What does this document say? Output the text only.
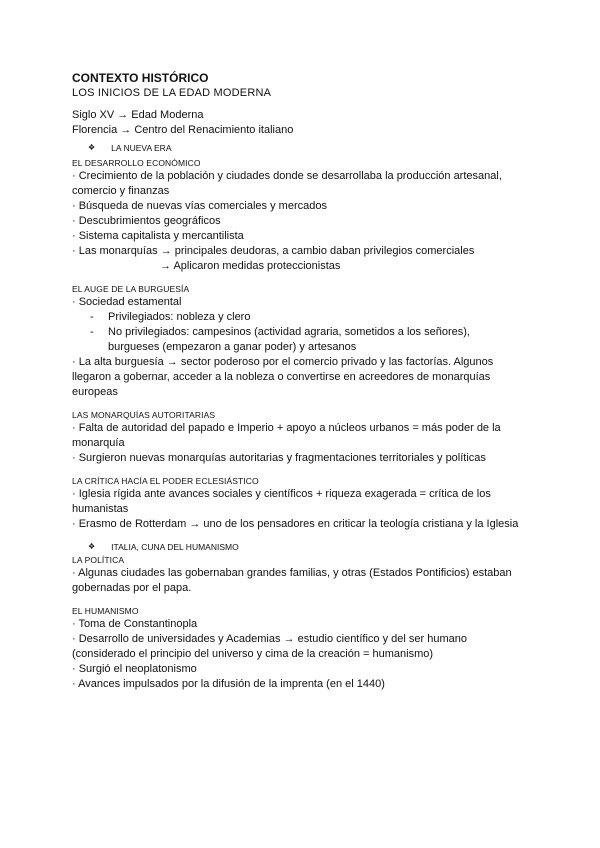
CONTEXTO HISTÓRICO
LOS INICIOS DE LA EDAD MODERNA
Siglo XV → Edad Moderna
Florencia → Centro del Renacimiento italiano
❖ LA NUEVA ERA
EL DESARROLLO ECONÓMICO
· Crecimiento de la población y ciudades donde se desarrollaba la producción artesanal,
comercio y finanzas
· Búsqueda de nuevas vías comerciales y mercados
· Descubrimientos geográficos
· Sistema capitalista y mercantilista
· Las monarquías → principales deudoras, a cambio daban privilegios comerciales
→ Aplicaron medidas proteccionistas
EL AUGE DE LA BURGUESÍA
· Sociedad estamental
-	Privilegiados: nobleza y clero
-	No privilegiados: campesinos (actividad agraria, sometidos a los señores),
burgueses (empezaron a ganar poder) y artesanos
· La alta burguesía → sector poderoso por el comercio privado y las factorías. Algunos
llegaron a gobernar, acceder a la nobleza o convertirse en acreedores de monarquías
europeas
LAS MONARQUÍAS AUTORITARIAS
· Falta de autoridad del papado e Imperio + apoyo a núcleos urbanos = más poder de la
monarquía
· Surgieron nuevas monarquías autoritarias y fragmentaciones territoriales y políticas
LA CRÍTICA HACÍA EL PODER ECLESIÁSTICO
· Iglesia rígida ante avances sociales y científicos + riqueza exagerada = crítica de los
humanistas
· Erasmo de Rotterdam → uno de los pensadores en criticar la teología cristiana y la Iglesia
❖ ITALIA, CUNA DEL HUMANISMO
LA POLÍTICA
· Algunas ciudades las gobernaban grandes familias, y otras (Estados Pontificios) estaban
gobernadas por el papa.
EL HUMANISMO
· Toma de Constantinopla
· Desarrollo de universidades y Academias → estudio científico y del ser humano
(considerado el principio del universo y cima de la creación = humanismo)
· Surgió el neoplatonismo
· Avances impulsados por la difusión de la imprenta (en el 1440)
